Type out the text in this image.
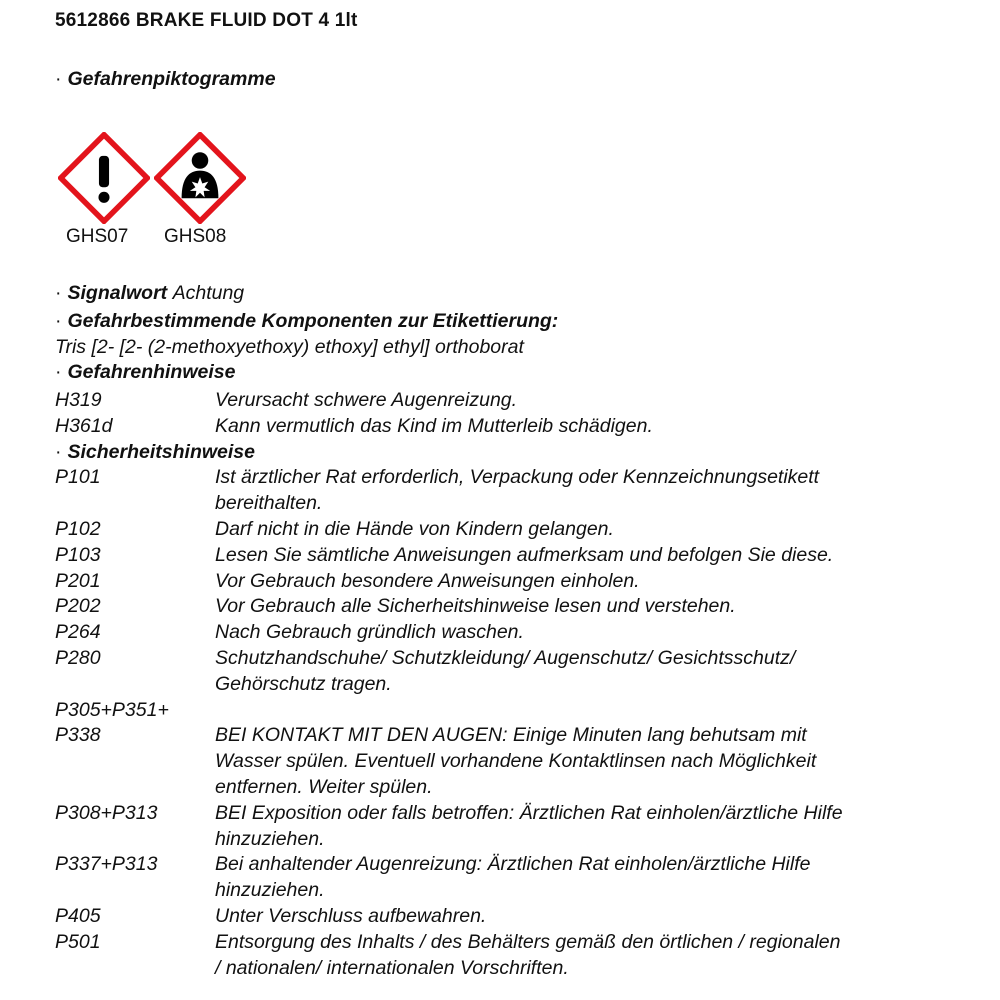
5612866 BRAKE FLUID DOT 4 1lt
· Gefahrenpiktogramme
GHS07 GHS08
· Signalwort Achtung
· Gefahrbestimmende Komponenten zur Etikettierung:
Tris [2- [2- (2-methoxyethoxy) ethoxy] ethyl] orthoborat
· Gefahrenhinweise
H319	Verursacht schwere Augenreizung.
H361d	Kann vermutlich das Kind im Mutterleib schädigen.
· Sicherheitshinweise
P101	Ist ärztlicher Rat erforderlich, Verpackung oder Kennzeichnungsetikett
bereithalten.
P102	Darf nicht in die Hände von Kindern gelangen.
P103	Lesen Sie sämtliche Anweisungen aufmerksam und befolgen Sie diese.
P201	Vor Gebrauch besondere Anweisungen einholen.
P202	Vor Gebrauch alle Sicherheitshinweise lesen und verstehen.
P264	Nach Gebrauch gründlich waschen.
P280	Schutzhandschuhe/ Schutzkleidung/ Augenschutz/ Gesichtsschutz/
Gehörschutz tragen.
P305+P351+
P338	BEI KONTAKT MIT DEN AUGEN: Einige Minuten lang behutsam mit
Wasser spülen. Eventuell vorhandene Kontaktlinsen nach Möglichkeit
entfernen. Weiter spülen.
P308+P313	BEI Exposition oder falls betroffen: Ärztlichen Rat einholen/ärztliche Hilfe
hinzuziehen.
P337+P313	Bei anhaltender Augenreizung: Ärztlichen Rat einholen/ärztliche Hilfe
hinzuziehen.
P405	Unter Verschluss aufbewahren.
P501	Entsorgung des Inhalts / des Behälters gemäß den örtlichen / regionalen
/ nationalen/ internationalen Vorschriften.
